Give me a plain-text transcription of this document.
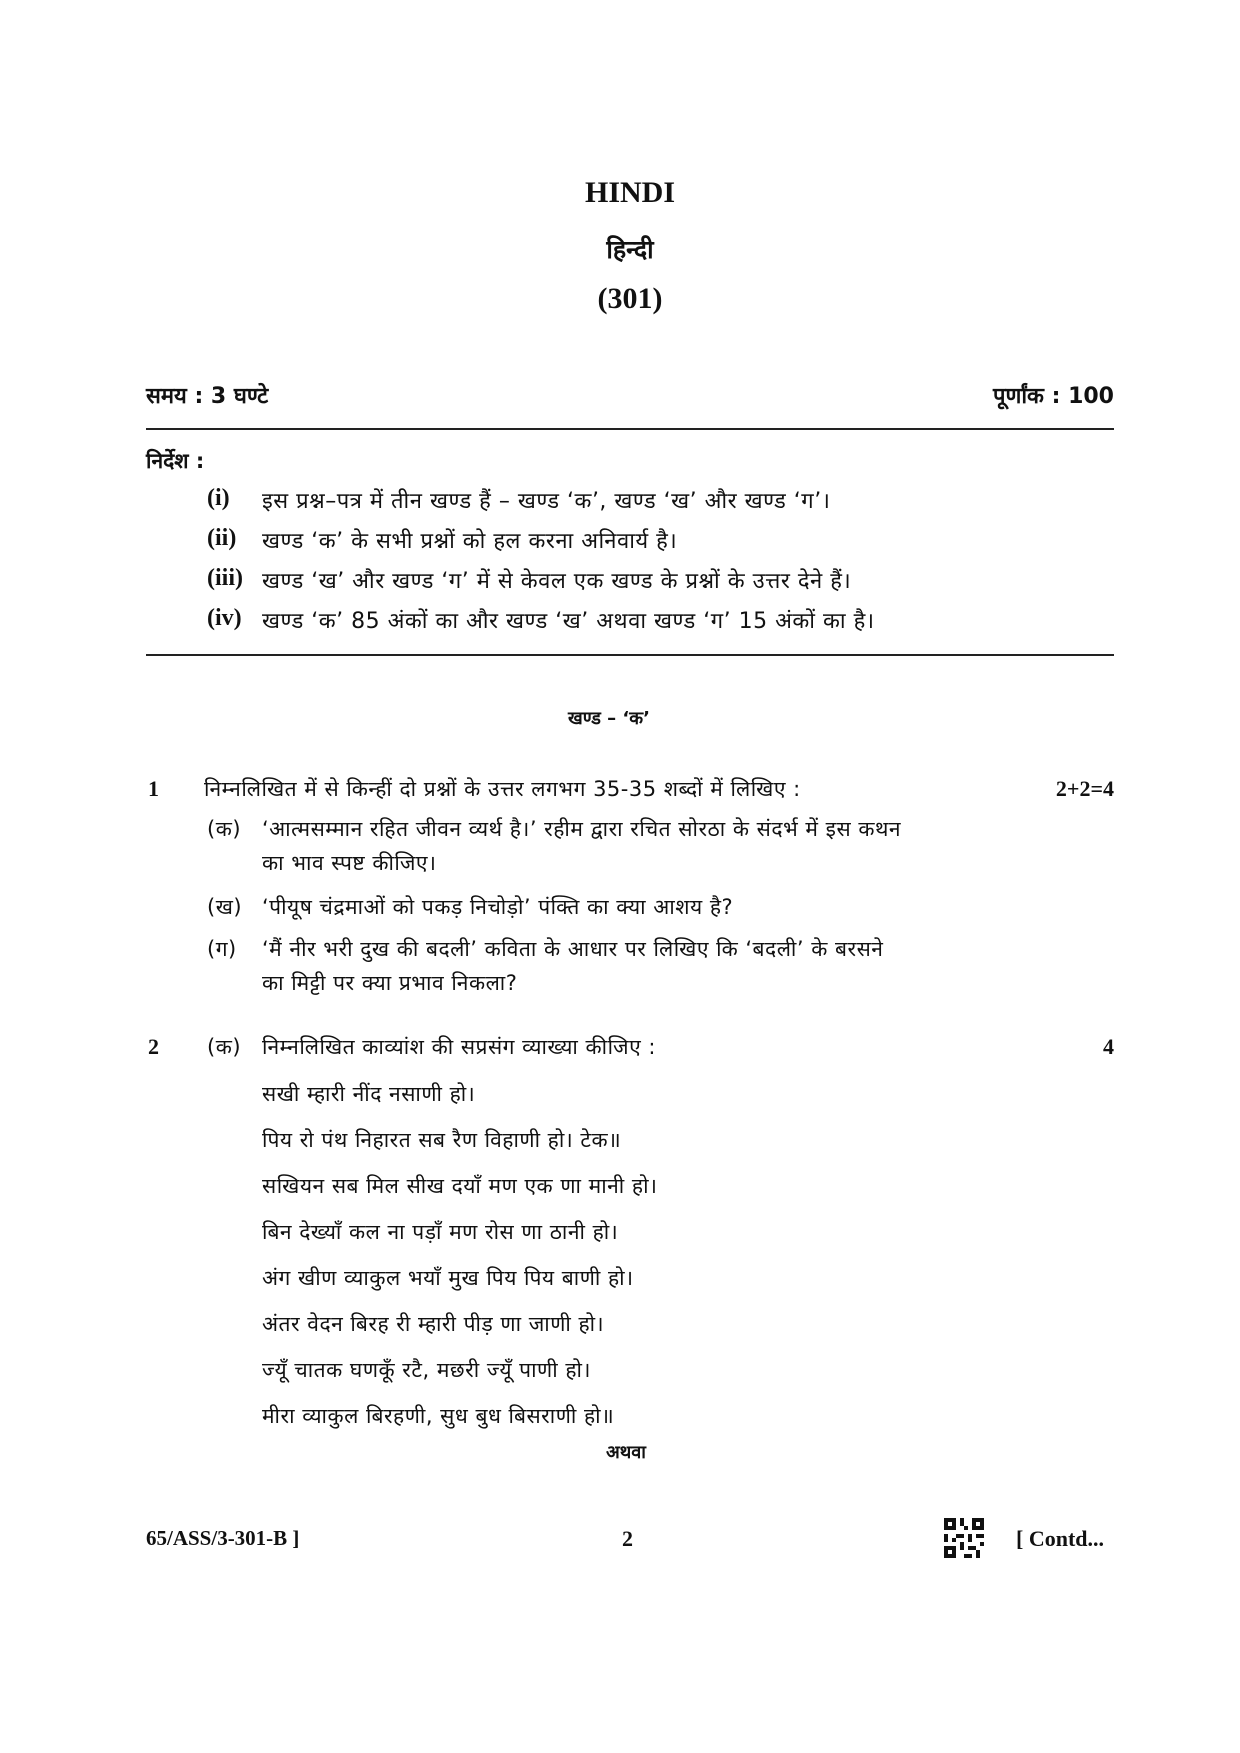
HINDI
हिन्दी
(301)
समय : 3 घण्टे	पूर्णांक : 100
निर्देश :
(i) इस प्रश्न–पत्र में तीन खण्ड हैं – खण्ड ‘क’, खण्ड ‘ख’ और खण्ड ‘ग’।
(ii) खण्ड ‘क’ के सभी प्रश्नों को हल करना अनिवार्य है।
(iii) खण्ड ‘ख’ और खण्ड ‘ग’ में से केवल एक खण्ड के प्रश्नों के उत्तर देने हैं।
(iv) खण्ड ‘क’ 85 अंकों का और खण्ड ‘ख’ अथवा खण्ड ‘ग’ 15 अंकों का है।
खण्ड – ‘क’
1 निम्नलिखित में से किन्हीं दो प्रश्नों के उत्तर लगभग 35-35 शब्दों में लिखिए :	2+2=4
(क) ‘आत्मसम्मान रहित जीवन व्यर्थ है।’ रहीम द्वारा रचित सोरठा के संदर्भ में इस कथन
का भाव स्पष्ट कीजिए।
(ख) ‘पीयूष चंद्रमाओं को पकड़ निचोड़ो’ पंक्ति का क्या आशय है?
(ग) ‘मैं नीर भरी दुख की बदली’ कविता के आधार पर लिखिए कि ‘बदली’ के बरसने
का मिट्टी पर क्या प्रभाव निकला?
2 (क) निम्नलिखित काव्यांश की सप्रसंग व्याख्या कीजिए :	4
सखी म्हारी नींद नसाणी हो।
पिय रो पंथ निहारत सब रैण विहाणी हो। टेक॥
सखियन सब मिल सीख दयाँ मण एक णा मानी हो।
बिन देख्याँ कल ना पड़ाँ मण रोस णा ठानी हो।
अंग खीण व्याकुल भयाँ मुख पिय पिय बाणी हो।
अंतर वेदन बिरह री म्हारी पीड़ णा जाणी हो।
ज्यूँ चातक घणकूँ रटै, मछरी ज्यूँ पाणी हो।
मीरा व्याकुल बिरहणी, सुध बुध बिसराणी हो॥
अथवा
65/ASS/3-301-B ]	2	[ Contd...
